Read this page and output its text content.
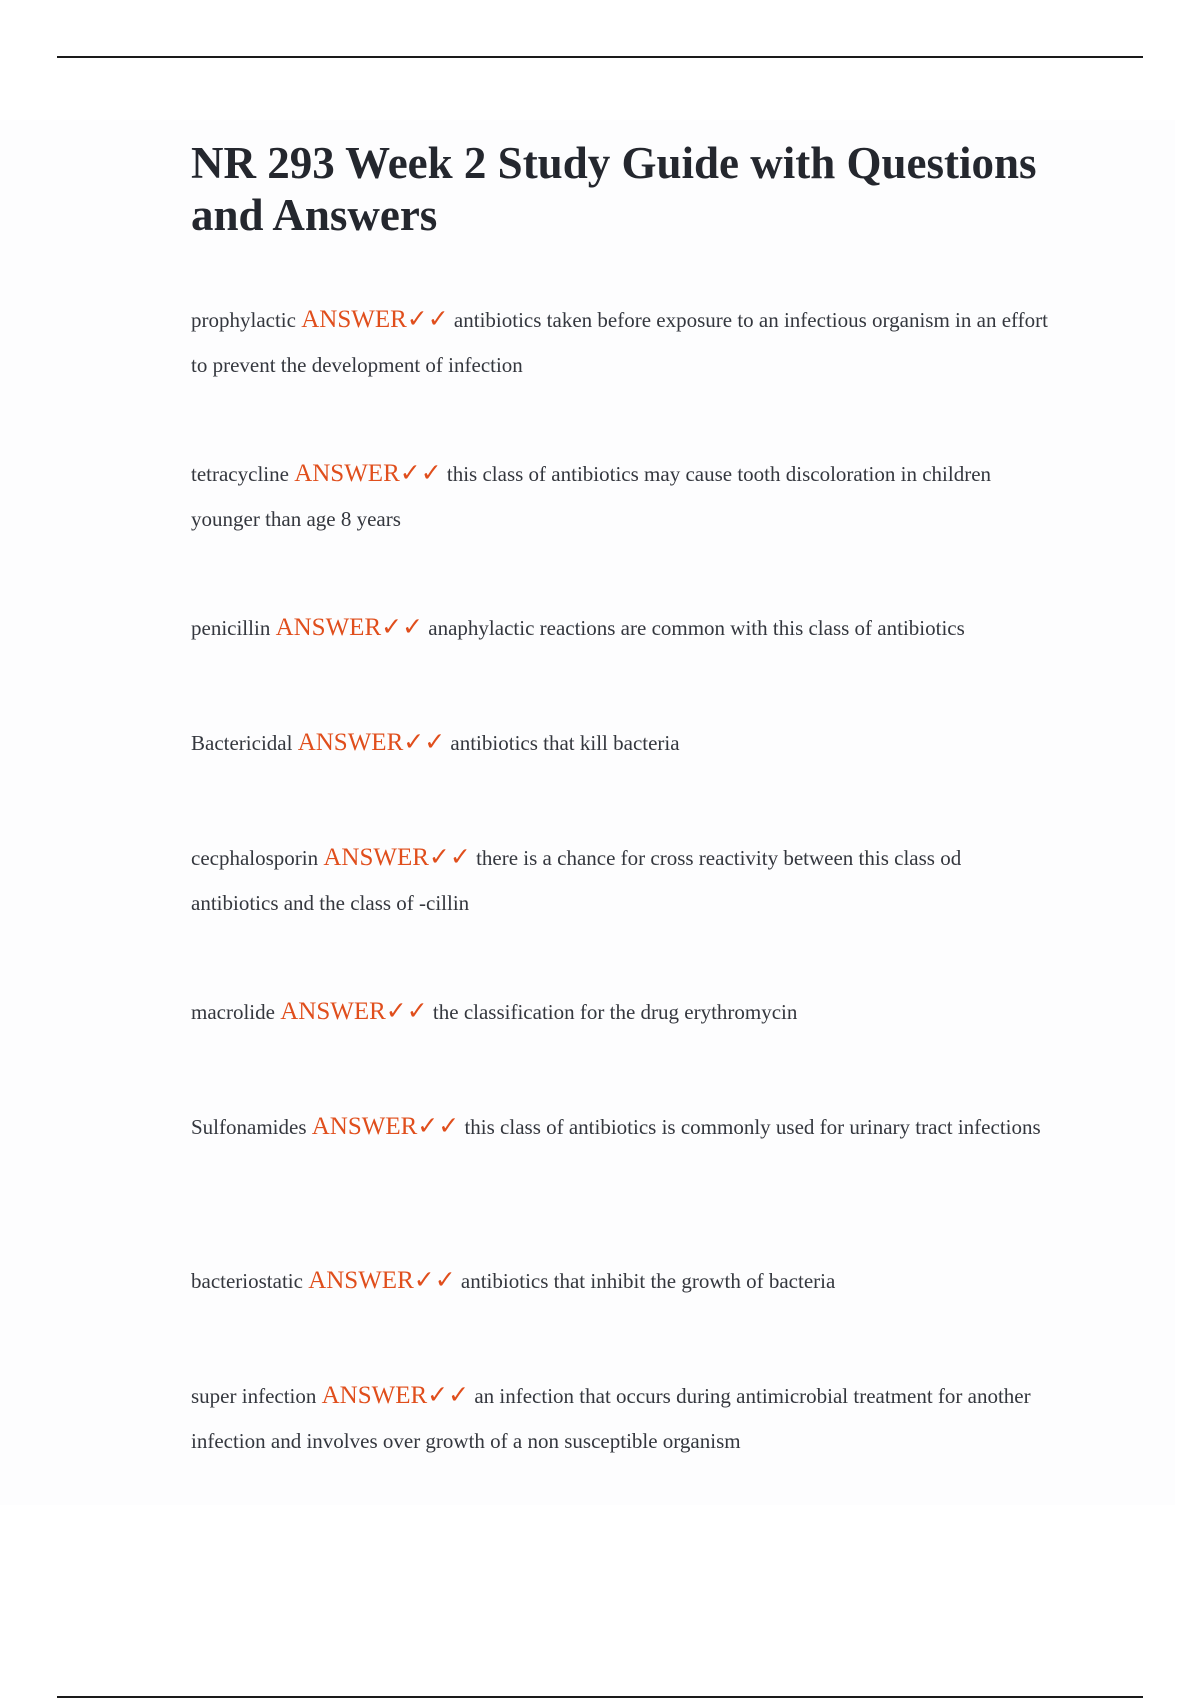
NR 293 Week 2 Study Guide with Questions and Answers
prophylactic ANSWER✓✓ antibiotics taken before exposure to an infectious organism in an effort to prevent the development of infection
tetracycline ANSWER✓✓ this class of antibiotics may cause tooth discoloration in children younger than age 8 years
penicillin ANSWER✓✓ anaphylactic reactions are common with this class of antibiotics
Bactericidal ANSWER✓✓ antibiotics that kill bacteria
cecphalosporin ANSWER✓✓ there is a chance for cross reactivity between this class od antibiotics and the class of -cillin
macrolide ANSWER✓✓ the classification for the drug erythromycin
Sulfonamides ANSWER✓✓ this class of antibiotics is commonly used for urinary tract infections
bacteriostatic ANSWER✓✓ antibiotics that inhibit the growth of bacteria
super infection ANSWER✓✓ an infection that occurs during antimicrobial treatment for another infection and involves over growth of a non susceptible organism
